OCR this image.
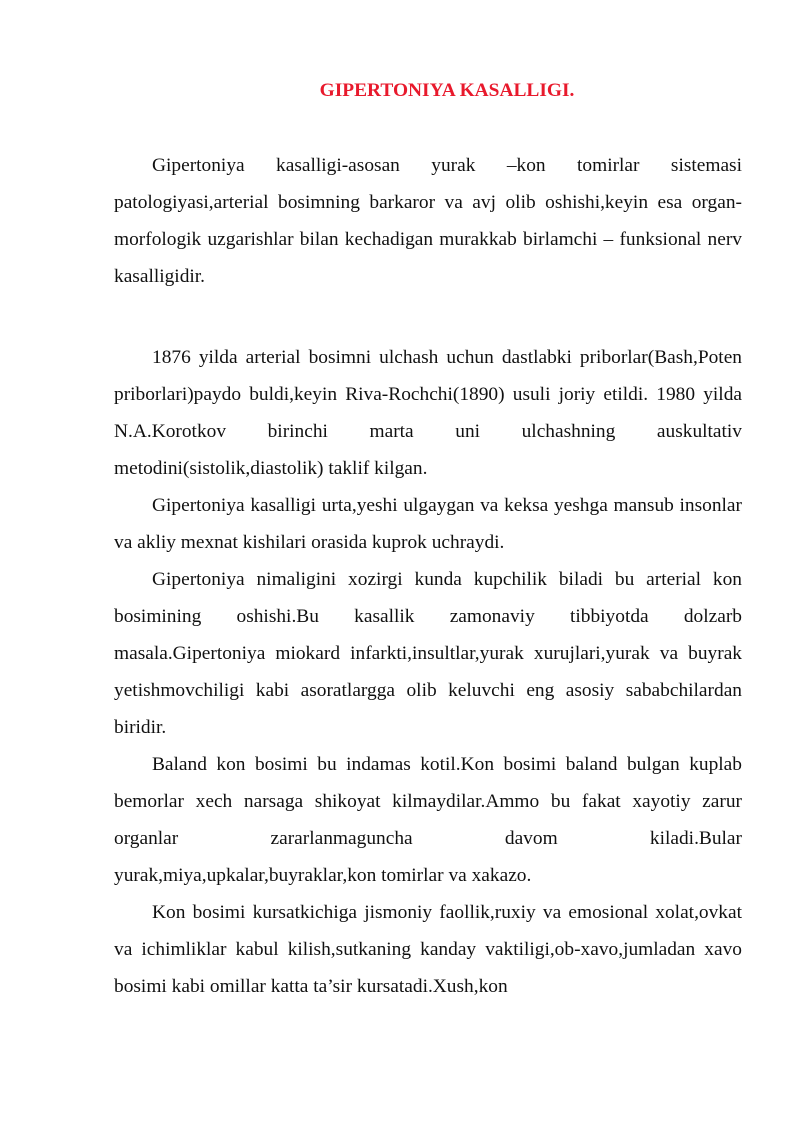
GIPERTONIYA KASALLIGI.

Gipertoniya kasalligi-asosan yurak –kon tomirlar sistemasi patologiyasi,arterial bosimning barkaror va avj olib oshishi,keyin esa organ-morfologik uzgarishlar bilan kechadigan murakkab birlamchi – funksional nerv kasalligidir.

1876 yilda arterial bosimni ulchash uchun dastlabki priborlar(Bash,Poten priborlari)paydo buldi,keyin Riva-Rochchi(1890) usuli joriy etildi. 1980 yilda N.A.Korotkov birinchi marta uni ulchashning auskultativ metodini(sistolik,diastolik) taklif kilgan.

Gipertoniya kasalligi urta,yeshi ulgaygan va keksa yeshga mansub insonlar va akliy mexnat kishilari orasida kuprok uchraydi.

Gipertoniya nimaligini xozirgi kunda kupchilik biladi bu arterial kon bosimining oshishi.Bu kasallik zamonaviy tibbiyotda dolzarb masala.Gipertoniya miokard infarkti,insultlar,yurak xurujlari,yurak va buyrak yetishmovchiligi kabi asoratlargga olib keluvchi eng asosiy sababchilardan biridir.

Baland kon bosimi bu indamas kotil.Kon bosimi baland bulgan kuplab bemorlar xech narsaga shikoyat kilmaydilar.Ammo bu fakat xayotiy zarur organlar zararlanmaguncha davom kiladi.Bular yurak,miya,upkalar,buyraklar,kon tomirlar va xakazo.

Kon bosimi kursatkichiga jismoniy faollik,ruxiy va emosional xolat,ovkat va ichimliklar kabul kilish,sutkaning kanday vaktiligi,ob-xavo,jumladan xavo bosimi kabi omillar katta ta’sir kursatadi.Xush,kon
